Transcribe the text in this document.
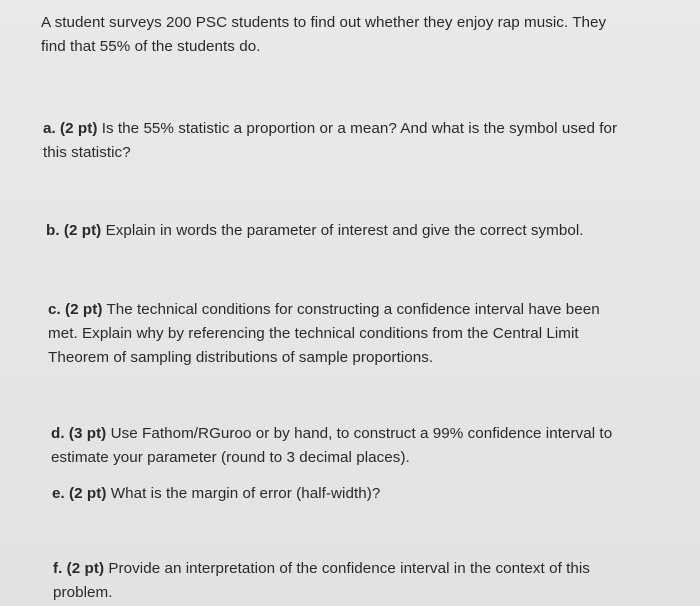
A student surveys 200 PSC students to find out whether they enjoy rap music. They
find that 55% of the students do.
a. (2 pt) Is the 55% statistic a proportion or a mean? And what is the symbol used for
this statistic?
b. (2 pt) Explain in words the parameter of interest and give the correct symbol.
c. (2 pt) The technical conditions for constructing a confidence interval have been
met. Explain why by referencing the technical conditions from the Central Limit
Theorem of sampling distributions of sample proportions.
d. (3 pt) Use Fathom/RGuroo or by hand, to construct a 99% confidence interval to
estimate your parameter (round to 3 decimal places).
e. (2 pt) What is the margin of error (half-width)?
f. (2 pt) Provide an interpretation of the confidence interval in the context of this
problem.
